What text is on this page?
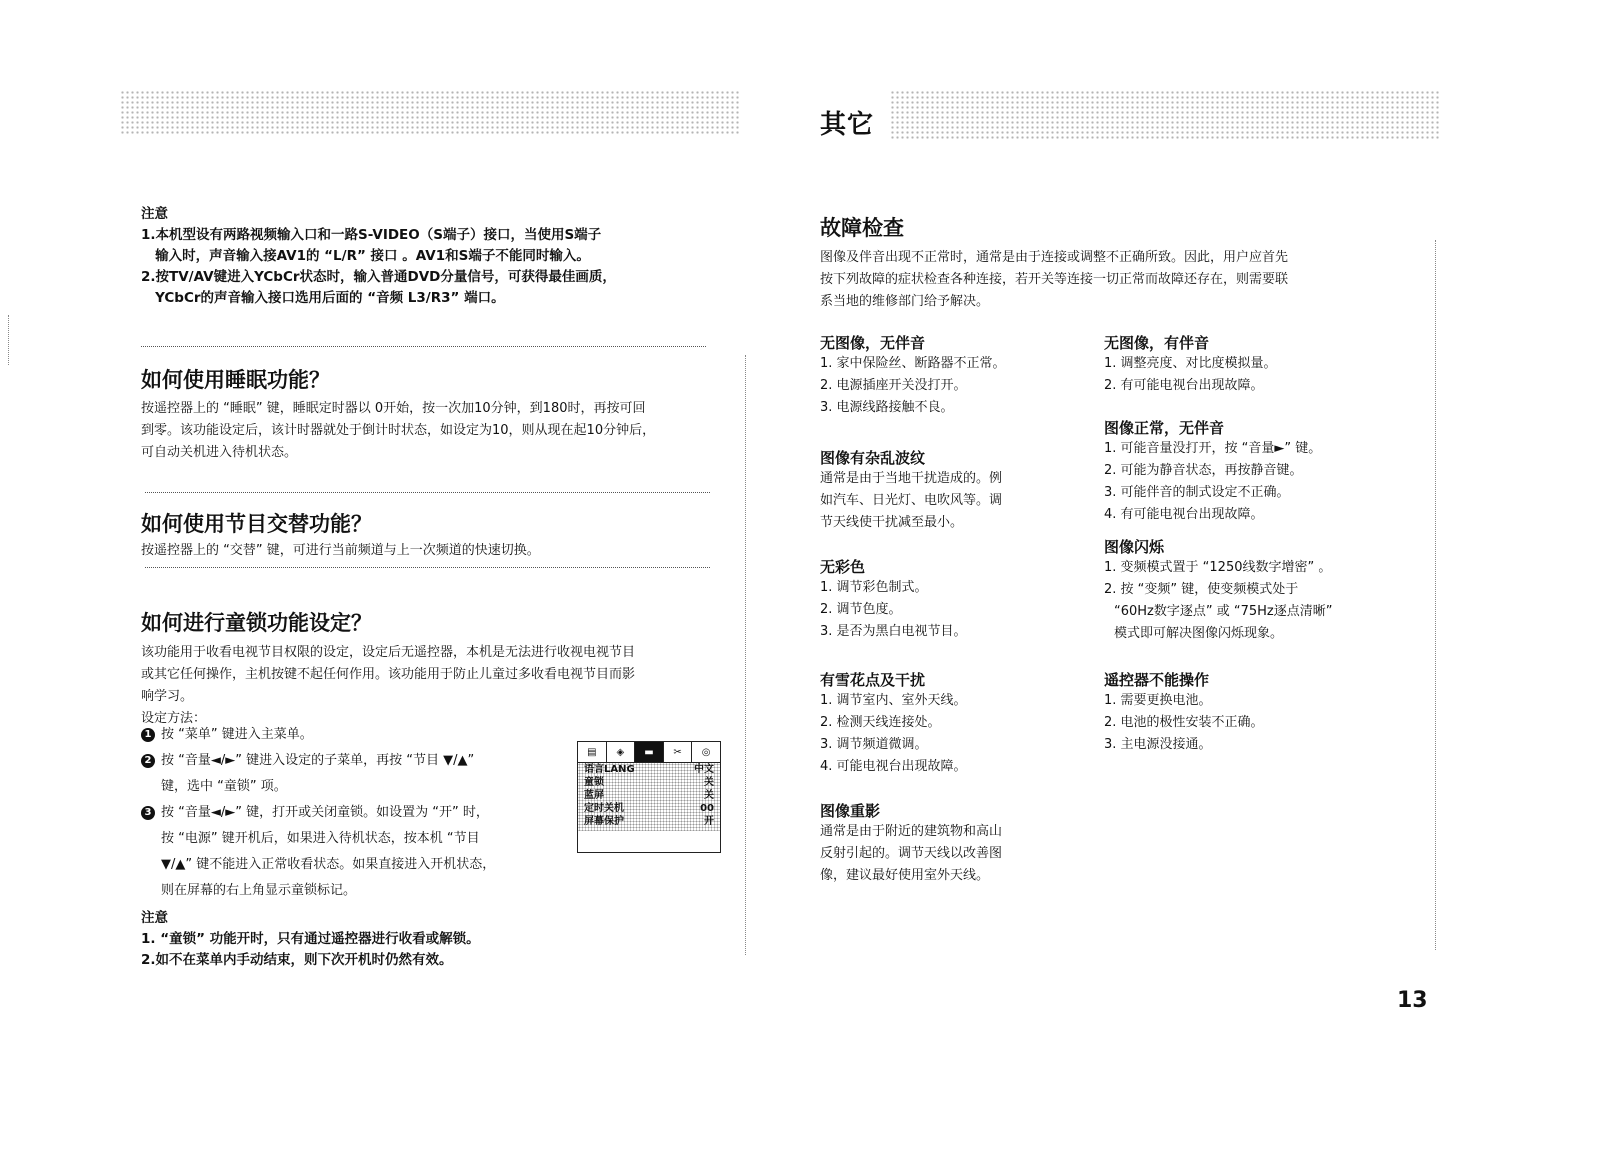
其它
注意
1.本机型设有两路视频输入口和一路S-VIDEO（S端子）接口，当使用S端子
输入时，声音输入接AV1的 “L/R” 接口 。AV1和S端子不能同时输入。
2.按TV/AV键进入YCbCr状态时，输入普通DVD分量信号，可获得最佳画质，
YCbCr的声音输入接口选用后面的 “音频 L3/R3” 端口。
如何使用睡眠功能？
按遥控器上的 “睡眠” 键，睡眠定时器以 0开始，按一次加10分钟，到180时，再按可回
到零。该功能设定后，该计时器就处于倒计时状态，如设定为10，则从现在起10分钟后，
可自动关机进入待机状态。
如何使用节目交替功能？
按遥控器上的 “交替” 键，可进行当前频道与上一次频道的快速切换。
如何进行童锁功能设定？
该功能用于收看电视节目权限的设定，设定后无遥控器，本机是无法进行收视电视节目
或其它任何操作，主机按键不起任何作用。该功能用于防止儿童过多收看电视节目而影
响学习。
设定方法：
1 按 “菜单” 键进入主菜单。
2 按 “音量◄/►” 键进入设定的子菜单，再按 “节目 ▼/▲”
键，选中 “童锁” 项。
3 按 “音量◄/►” 键，打开或关闭童锁。如设置为 “开” 时，
按 “电源” 键开机后，如果进入待机状态，按本机 “节目
▼/▲” 键不能进入正常收看状态。如果直接进入开机状态，
则在屏幕的右上角显示童锁标记。
▤	◈	▬	✂	◎
语言LANG	中文
童锁	关
蓝屏	关
定时关机	00
屏幕保护	开
注意
1. “童锁” 功能开时，只有通过遥控器进行收看或解锁。
2.如不在菜单内手动结束，则下次开机时仍然有效。
故障检查
图像及伴音出现不正常时，通常是由于连接或调整不正确所致。因此，用户应首先
按下列故障的症状检查各种连接，若开关等连接一切正常而故障还存在，则需要联
系当地的维修部门给予解决。
无图像，无伴音
1. 家中保险丝、断路器不正常。
2. 电源插座开关没打开。
3. 电源线路接触不良。
图像有杂乱波纹
通常是由于当地干扰造成的。例
如汽车、日光灯、电吹风等。调
节天线使干扰减至最小。
无彩色
1. 调节彩色制式。
2. 调节色度。
3. 是否为黑白电视节目。
有雪花点及干扰
1. 调节室内、室外天线。
2. 检测天线连接处。
3. 调节频道微调。
4. 可能电视台出现故障。
图像重影
通常是由于附近的建筑物和高山
反射引起的。调节天线以改善图
像，建议最好使用室外天线。
无图像，有伴音
1. 调整亮度、对比度模拟量。
2. 有可能电视台出现故障。
图像正常，无伴音
1. 可能音量没打开，按 “音量►” 键。
2. 可能为静音状态，再按静音键。
3. 可能伴音的制式设定不正确。
4. 有可能电视台出现故障。
图像闪烁
1. 变频模式置于 “1250线数字增密” 。
2. 按 “变频” 键，使变频模式处于
“60Hz数字逐点” 或 “75Hz逐点清晰”
模式即可解决图像闪烁现象。
遥控器不能操作
1. 需要更换电池。
2. 电池的极性安装不正确。
3. 主电源没接通。
13
